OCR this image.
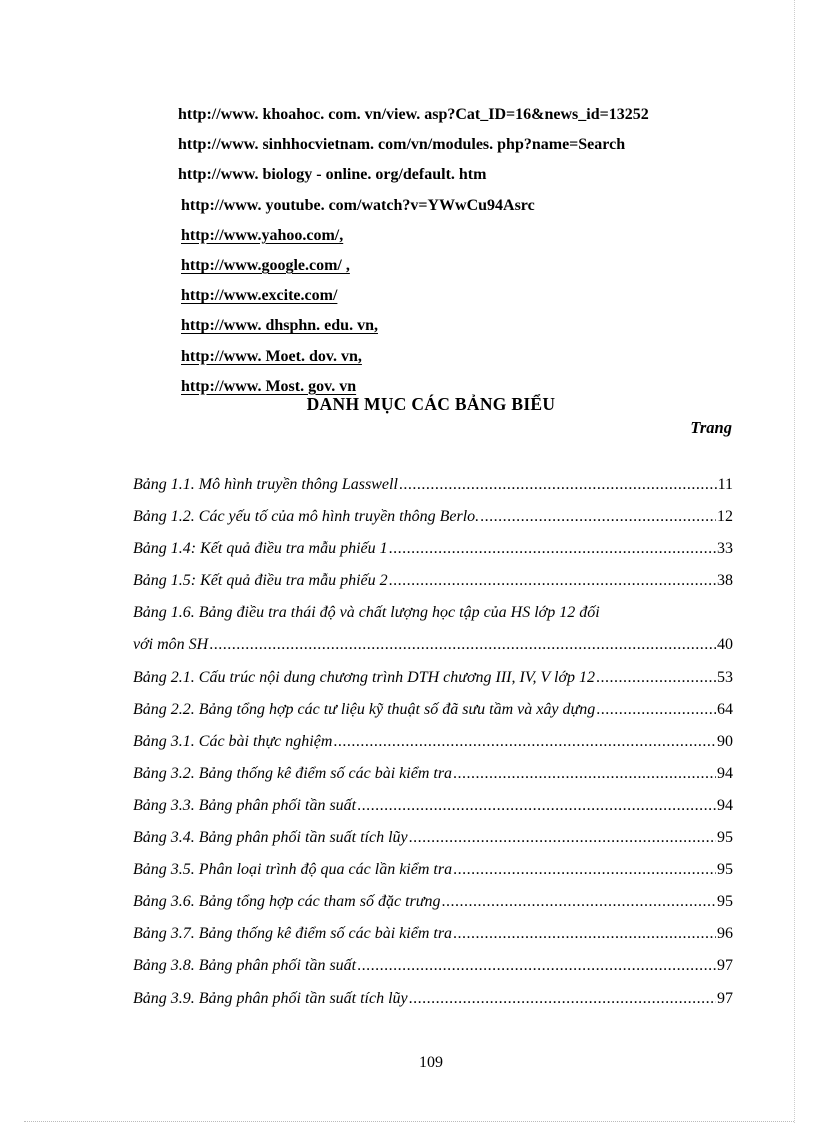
http://www. khoahoc. com. vn/view. asp?Cat_ID=16&news_id=13252
http://www. sinhhocvietnam. com/vn/modules. php?name=Search
http://www. biology - online. org/default. htm
http://www. youtube. com/watch?v=YWwCu94Asrc
http://www.yahoo.com/,
http://www.google.com/ ,
http://www.excite.com/
http://www. dhsphn. edu. vn,
http://www. Moet. dov. vn,
http://www. Most. gov. vn
DANH MỤC CÁC BẢNG BIỂU
Trang
Bảng 1.1. Mô hình truyền thông Lasswell .....	11
Bảng 1.2. Các yếu tố của mô hình truyền thông Berlo. .....	12
Bảng 1.4: Kết quả điều tra mẫu phiếu 1 .....	33
Bảng 1.5: Kết quả điều tra mẫu phiếu 2 .....	38
Bảng 1.6. Bảng điều tra thái độ và chất lượng học tập của HS lớp 12 đối
với môn SH .....	40
Bảng 2.1. Cấu trúc nội dung chương trình DTH chương III, IV, V lớp 12 .....	53
Bảng 2.2. Bảng tổng hợp các tư liệu kỹ thuật số đã sưu tầm và xây dựng .....	64
Bảng 3.1. Các bài thực nghiệm .....	90
Bảng 3.2. Bảng thống kê điểm số các bài kiểm tra .....	94
Bảng 3.3. Bảng phân phối tần suất .....	94
Bảng 3.4. Bảng phân phối tần suất tích lũy .....	95
Bảng 3.5. Phân loại trình độ qua các lần kiểm tra .....	95
Bảng 3.6. Bảng tổng hợp các tham số đặc trưng .....	95
Bảng 3.7. Bảng thống kê điểm số các bài kiểm tra .....	96
Bảng 3.8. Bảng phân phối tần suất .....	97
Bảng 3.9. Bảng phân phối tần suất tích lũy .....	97
109
